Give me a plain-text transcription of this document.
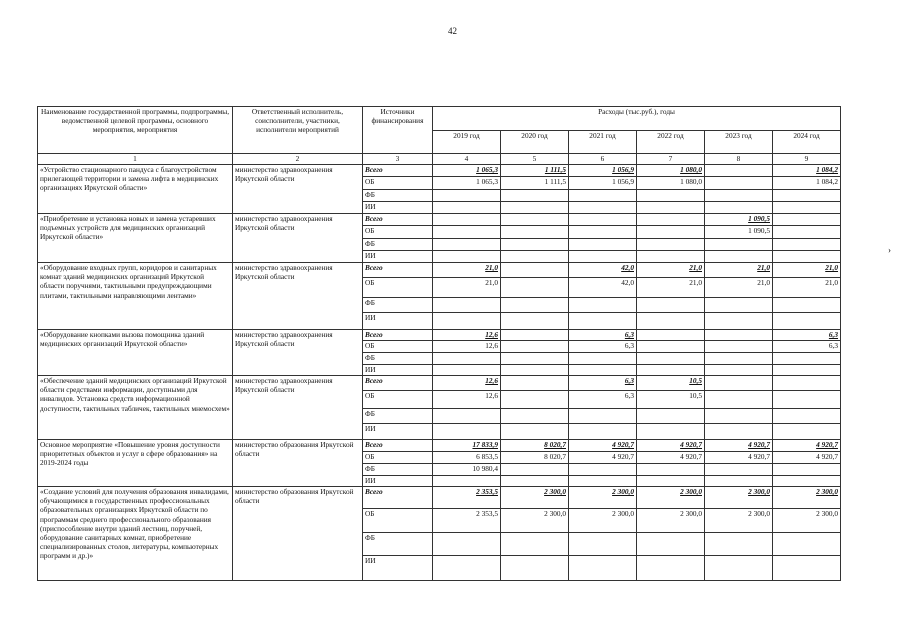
42
›
Наименование государственной программы, подпрограммы, ведомственной целевой программы, основного мероприятия, мероприятия	Ответственный исполнитель, соисполнители, участники, исполнители мероприятий	Источники финансирования	Расходы (тыс.руб.), годы					
			2019 год	2020 год	2021 год	2022 год	2023 год	2024 год
1	2	3	4	5	6	7	8	9
«Устройство стационарного пандуса с благоустройством прилегающей территории и замена лифта в медицинских организациях Иркутской области»	министерство здравоохранения Иркутской области	Всего	1 065,3	1 111,5	1 056,9	1 080,0		1 084,2
		ОБ	1 065,3	1 111,5	1 056,9	1 080,0		1 084,2
		ФБ						
		ИИ						
«Приобретение и установка новых и замена устаревших подъемных устройств для медицинских организаций Иркутской области»	министерство здравоохранения Иркутской области	Всего					1 090,5	
		ОБ					1 090,5	
		ФБ						
		ИИ						
«Оборудование входных групп, коридоров и санитарных комнат зданий медицинских организаций Иркутской области поручнями, тактильными предупреждающими плитами, тактильными направляющими лентами»	министерство здравоохранения Иркутской области	Всего	21,0		42,0	21,0	21,0	21,0
		ОБ	21,0		42,0	21,0	21,0	21,0
		ФБ						
		ИИ						
«Оборудование кнопками вызова помощника зданий медицинских организаций Иркутской области»	министерство здравоохранения Иркутской области	Всего	12,6		6,3			6,3
		ОБ	12,6		6,3			6,3
		ФБ						
		ИИ						
«Обеспечение зданий медицинских организаций Иркутской области средствами информации, доступными для инвалидов. Установка средств информационной доступности, тактильных табличек, тактильных мнемосхем»	министерство здравоохранения Иркутской области	Всего	12,6		6,3	10,5		
		ОБ	12,6		6,3	10,5		
		ФБ						
		ИИ						
Основное мероприятие «Повышение уровня доступности приоритетных объектов и услуг в сфере образования» на 2019-2024 годы	министерство образования Иркутской области	Всего	17 833,9	8 020,7	4 920,7	4 920,7	4 920,7	4 920,7
		ОБ	6 853,5	8 020,7	4 920,7	4 920,7	4 920,7	4 920,7
		ФБ	10 980,4					
		ИИ						
«Создание условий для получения образования инвалидами, обучающимися в государственных профессиональных образовательных организациях Иркутской области по программам среднего профессионального образования (приспособление внутри зданий лестниц, поручней, оборудование санитарных комнат, приобретение специализированных столов, литературы, компьютерных программ и др.)»	министерство образования Иркутской области	Всего	2 353,5	2 300,0	2 300,0	2 300,0	2 300,0	2 300,0
		ОБ	2 353,5	2 300,0	2 300,0	2 300,0	2 300,0	2 300,0
		ФБ						
		ИИ						
